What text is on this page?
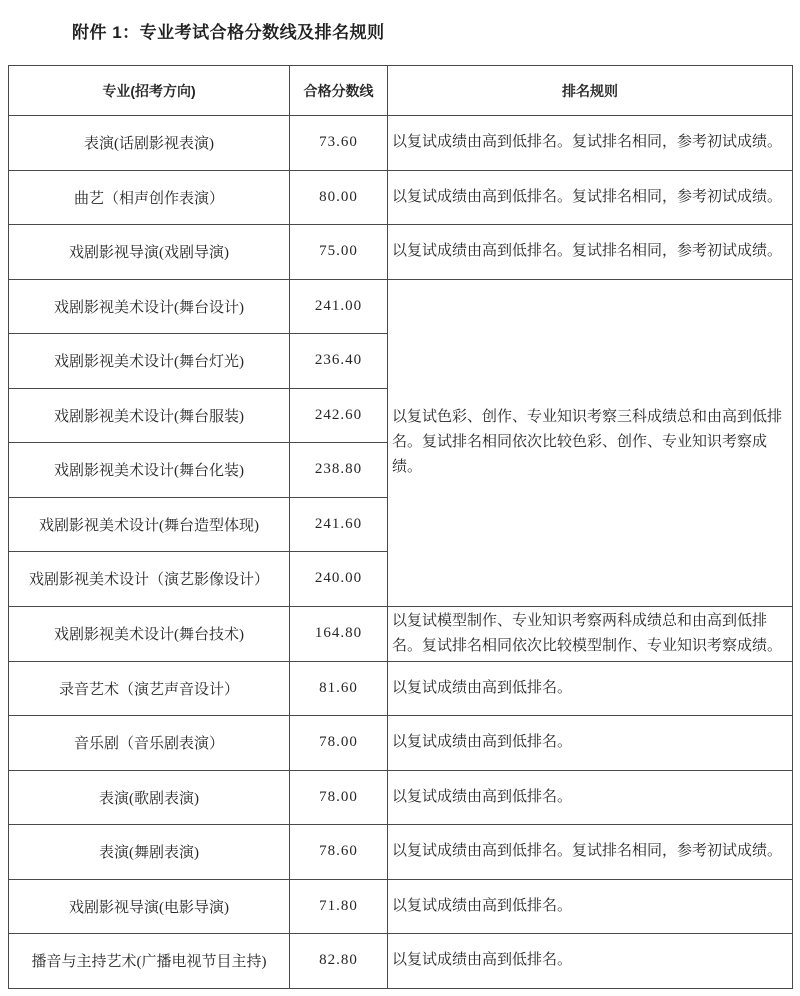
附件 1：专业考试合格分数线及排名规则
专业(招考方向)	合格分数线	排名规则
表演(话剧影视表演)	73.60	以复试成绩由高到低排名。复试排名相同，参考初试成绩。
曲艺（相声创作表演）	80.00	以复试成绩由高到低排名。复试排名相同，参考初试成绩。
戏剧影视导演(戏剧导演)	75.00	以复试成绩由高到低排名。复试排名相同，参考初试成绩。
戏剧影视美术设计(舞台设计)	241.00	以复试色彩、创作、专业知识考察三科成绩总和由高到低排名。复试排名相同依次比较色彩、创作、专业知识考察成绩。
戏剧影视美术设计(舞台灯光)	236.40	
戏剧影视美术设计(舞台服装)	242.60	
戏剧影视美术设计(舞台化装)	238.80	
戏剧影视美术设计(舞台造型体现)	241.60	
戏剧影视美术设计（演艺影像设计）	240.00	
戏剧影视美术设计(舞台技术)	164.80	以复试模型制作、专业知识考察两科成绩总和由高到低排名。复试排名相同依次比较模型制作、专业知识考察成绩。
录音艺术（演艺声音设计）	81.60	以复试成绩由高到低排名。
音乐剧（音乐剧表演）	78.00	以复试成绩由高到低排名。
表演(歌剧表演)	78.00	以复试成绩由高到低排名。
表演(舞剧表演)	78.60	以复试成绩由高到低排名。复试排名相同，参考初试成绩。
戏剧影视导演(电影导演)	71.80	以复试成绩由高到低排名。
播音与主持艺术(广播电视节目主持)	82.80	以复试成绩由高到低排名。
